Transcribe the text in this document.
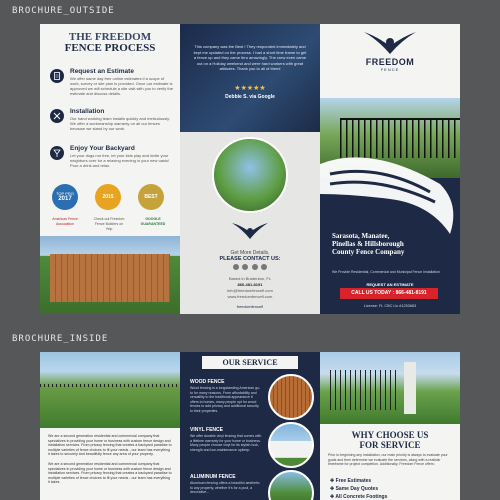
BROCHURE_OUTSIDE
BROCHURE_INSIDE
THE FREEDOM
FENCE PROCESS
Request an Estimate
We offer same day free online estimates if a scope of work, survey or site plan is provided. Once our estimate is approved we will schedule a site visit with you to verify the estimate and discuss details.
Installation
Our hand working team installs quickly and meticulously. We offer a workmanship warranty on all our fences because we stand by our work.
Enjoy Your Backyard
Let your dogs run free, let your kids play and invite your neighbors over for a relaxing evening in your new oasis! Pour a drink and relax.
TOP PRO
2017	2015	BEST
American Fence Association
Check out Freedom Fence Builders on Yelp
GOOGLE GUARANTEED
This company was the Best ! They responded immediately and kept me updated on the process. I had a short time frame to get a fence up and they came thru amazingly. The crew even came out on a Holiday weekend and were hard workers with great attitudes. Thank you to all of them!
★★★★★
Debbie S. via Google
Get More Details,
PLEASE CONTACT US:
Based in Bradenton, FL
866-481-8191
info@freedomfencefl.com
www.freedomfencefl.com
freedomfencefl
FREEDOM
FENCE
Sarasota, Manatee, Pinellas & Hillsborough County Fence Company
We Provide Residential, Commercial and Municipal Fence Installation
REQUEST AN ESTIMATE
CALL US TODAY : 866-481-8191
License: FL CBC Lic #1253683
We are a second generation residential and commercial company that specializes in providing your home or business with custom fence design and installation services. From privacy fencing that creates a backyard paradise to multiple varieties of fence choices to fit your needs - our team has everything it takes to securely and beautifully fence any area of your property.
We are a second generation residential and commercial company that specializes in providing your home or business with custom fence design and installation services. From privacy fencing that creates a backyard paradise to multiple varieties of fence choices to fit your needs - our team has everything it takes
OUR SERVICE
WOOD FENCE
Wood fencing is a longstanding American go-to for many reasons. From affordability and versatility to the traditional appearance it offers to homes, many people opt for wood fences to add privacy and additional security to their properties.
VINYL FENCE
We offer durable vinyl fencing that comes with a lifetime warranty for your home or business. Many people choose vinyl for its stylish look, strength and low-maintenance upkeep.
ALUMINUM FENCE
Aluminum fencing offers a beautiful aesthetic to any property, whether it's for a pool, a decorative...
WHY CHOOSE US
FOR SERVICE
Prior to beginning any installation, our main priority is always to evaluate your goals and then determine we evaluate the services, along with a realistic timeframe for project completion. Additionally, Freedom Fence offers:
✚ Free Estimates
✚ Same Day Quotes
✚ All Concrete Footings
